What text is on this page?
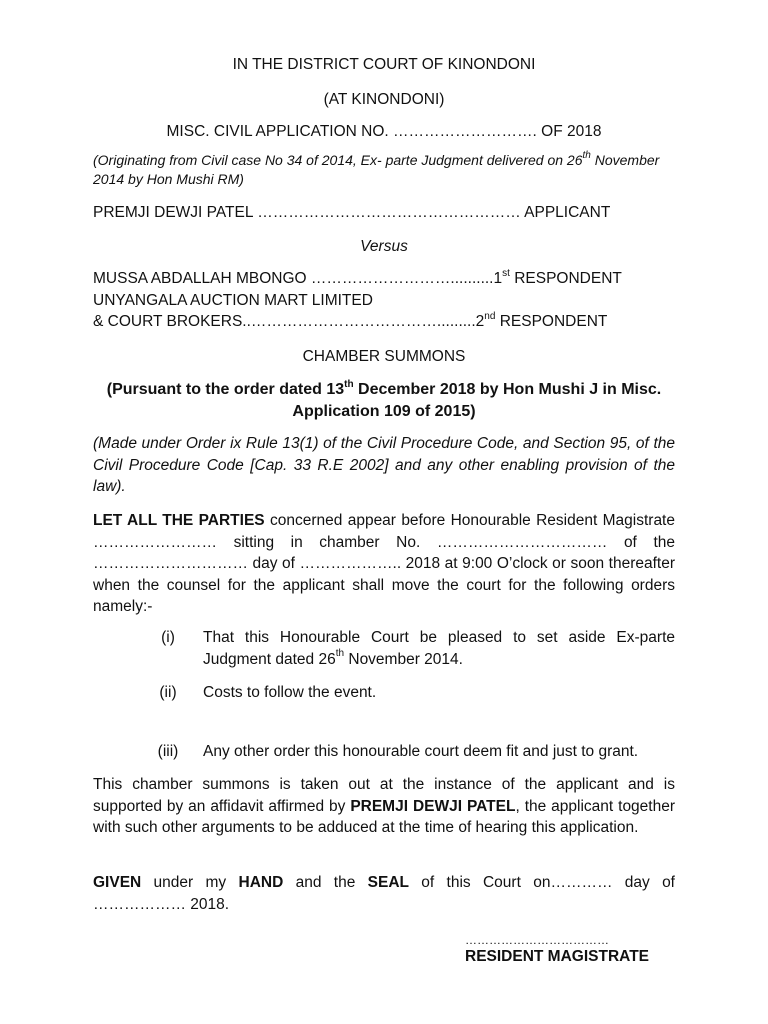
IN THE DISTRICT COURT OF KINONDONI

(AT KINONDONI)

MISC. CIVIL APPLICATION NO. ………………………. OF 2018

(Originating from Civil case No 34 of 2014, Ex- parte Judgment delivered on 26th November
2014 by Hon Mushi RM)

PREMJI DEWJI PATEL …………………………………………… APPLICANT

Versus

MUSSA ABDALLAH MBONGO ………………………..........1st RESPONDENT
UNYANGALA AUCTION MART LIMITED
& COURT BROKERS..……………………………….........2nd RESPONDENT

CHAMBER SUMMONS

(Pursuant to the order dated 13th December 2018 by Hon Mushi J in Misc.
Application 109 of 2015)

(Made under Order ix Rule 13(1) of the Civil Procedure Code, and Section 95, of the Civil Procedure Code [Cap. 33 R.E 2002] and any other enabling provision of the law).

LET ALL THE PARTIES concerned appear before Honourable Resident Magistrate …………………… sitting in chamber No. …………………………… of the ………………………… day of ……………….. 2018 at 9:00 O’clock or soon thereafter when the counsel for the applicant shall move the court for the following orders namely:-

(i)	That this Honourable Court be pleased to set aside Ex-parte Judgment dated 26th November 2014.
(ii)	Costs to follow the event.
(iii) Any other order this honourable court deem fit and just to grant.

This chamber summons is taken out at the instance of the applicant and is supported by an affidavit affirmed by PREMJI DEWJI PATEL, the applicant together with such other arguments to be adduced at the time of hearing this application.

GIVEN under my HAND and the SEAL of this Court on………… day of ……………… 2018.

………………………………
RESIDENT MAGISTRATE
